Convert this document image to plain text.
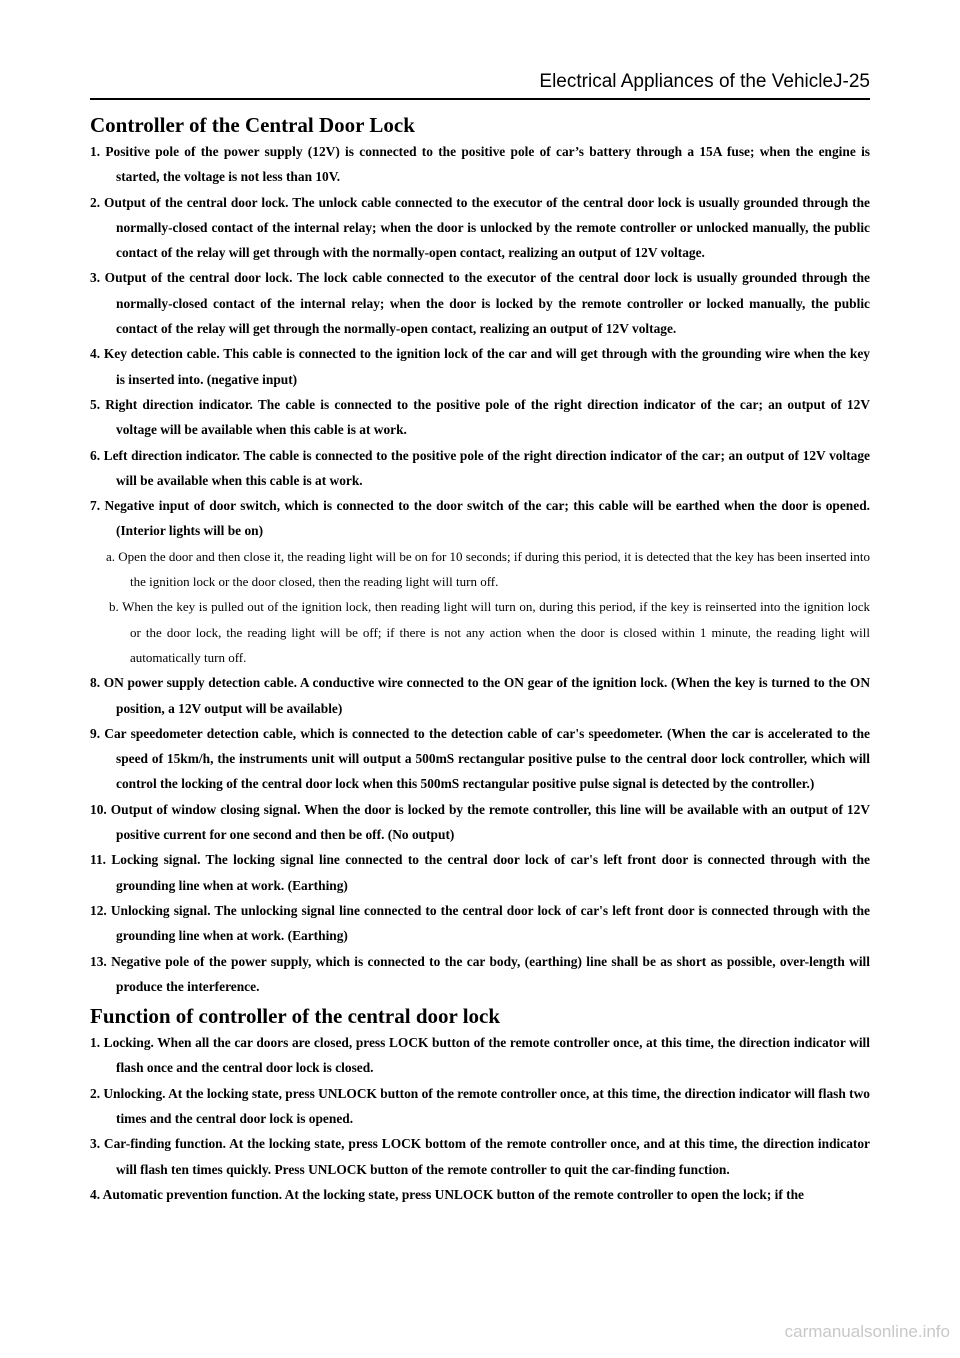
Electrical Appliances of the VehicleJ-25
Controller of the Central Door Lock
1. Positive pole of the power supply (12V) is connected to the positive pole of car’s battery through a 15A fuse; when the engine is started, the voltage is not less than 10V.
2. Output of the central door lock. The unlock cable connected to the executor of the central door lock is usually grounded through the normally-closed contact of the internal relay; when the door is unlocked by the remote controller or unlocked manually, the public contact of the relay will get through with the normally-open contact, realizing an output of 12V voltage.
3. Output of the central door lock. The lock cable connected to the executor of the central door lock is usually grounded through the normally-closed contact of the internal relay; when the door is locked by the remote controller or locked manually, the public contact of the relay will get through the normally-open contact, realizing an output of 12V voltage.
4. Key detection cable. This cable is connected to the ignition lock of the car and will get through with the grounding wire when the key is inserted into. (negative input)
5. Right direction indicator. The cable is connected to the positive pole of the right direction indicator of the car; an output of 12V voltage will be available when this cable is at work.
6. Left direction indicator. The cable is connected to the positive pole of the right direction indicator of the car; an output of 12V voltage will be available when this cable is at work.
7. Negative input of door switch, which is connected to the door switch of the car; this cable will be earthed when the door is opened. (Interior lights will be on)
a. Open the door and then close it, the reading light will be on for 10 seconds; if during this period, it is detected that the key has been inserted into the ignition lock or the door closed, then the reading light will turn off.
b. When the key is pulled out of the ignition lock, then reading light will turn on, during this period, if the key is reinserted into the ignition lock or the door lock, the reading light will be off; if there is not any action when the door is closed within 1 minute, the reading light will automatically turn off.
8. ON power supply detection cable. A conductive wire connected to the ON gear of the ignition lock. (When the key is turned to the ON position, a 12V output will be available)
9. Car speedometer detection cable, which is connected to the detection cable of car's speedometer. (When the car is accelerated to the speed of 15km/h, the instruments unit will output a 500mS rectangular positive pulse to the central door lock controller, which will control the locking of the central door lock when this 500mS rectangular positive pulse signal is detected by the controller.)
10. Output of window closing signal. When the door is locked by the remote controller, this line will be available with an output of 12V positive current for one second and then be off. (No output)
11. Locking signal. The locking signal line connected to the central door lock of car's left front door is connected through with the grounding line when at work. (Earthing)
12. Unlocking signal. The unlocking signal line connected to the central door lock of car's left front door is connected through with the grounding line when at work. (Earthing)
13. Negative pole of the power supply, which is connected to the car body, (earthing) line shall be as short as possible, over-length will produce the interference.
Function of controller of the central door lock
1. Locking. When all the car doors are closed, press LOCK button of the remote controller once, at this time, the direction indicator will flash once and the central door lock is closed.
2. Unlocking. At the locking state, press UNLOCK button of the remote controller once, at this time, the direction indicator will flash two times and the central door lock is opened.
3. Car-finding function. At the locking state, press LOCK bottom of the remote controller once, and at this time, the direction indicator will flash ten times quickly. Press UNLOCK button of the remote controller to quit the car-finding function.
4. Automatic prevention function. At the locking state, press UNLOCK button of the remote controller to open the lock; if the
carmanualsonline.info
